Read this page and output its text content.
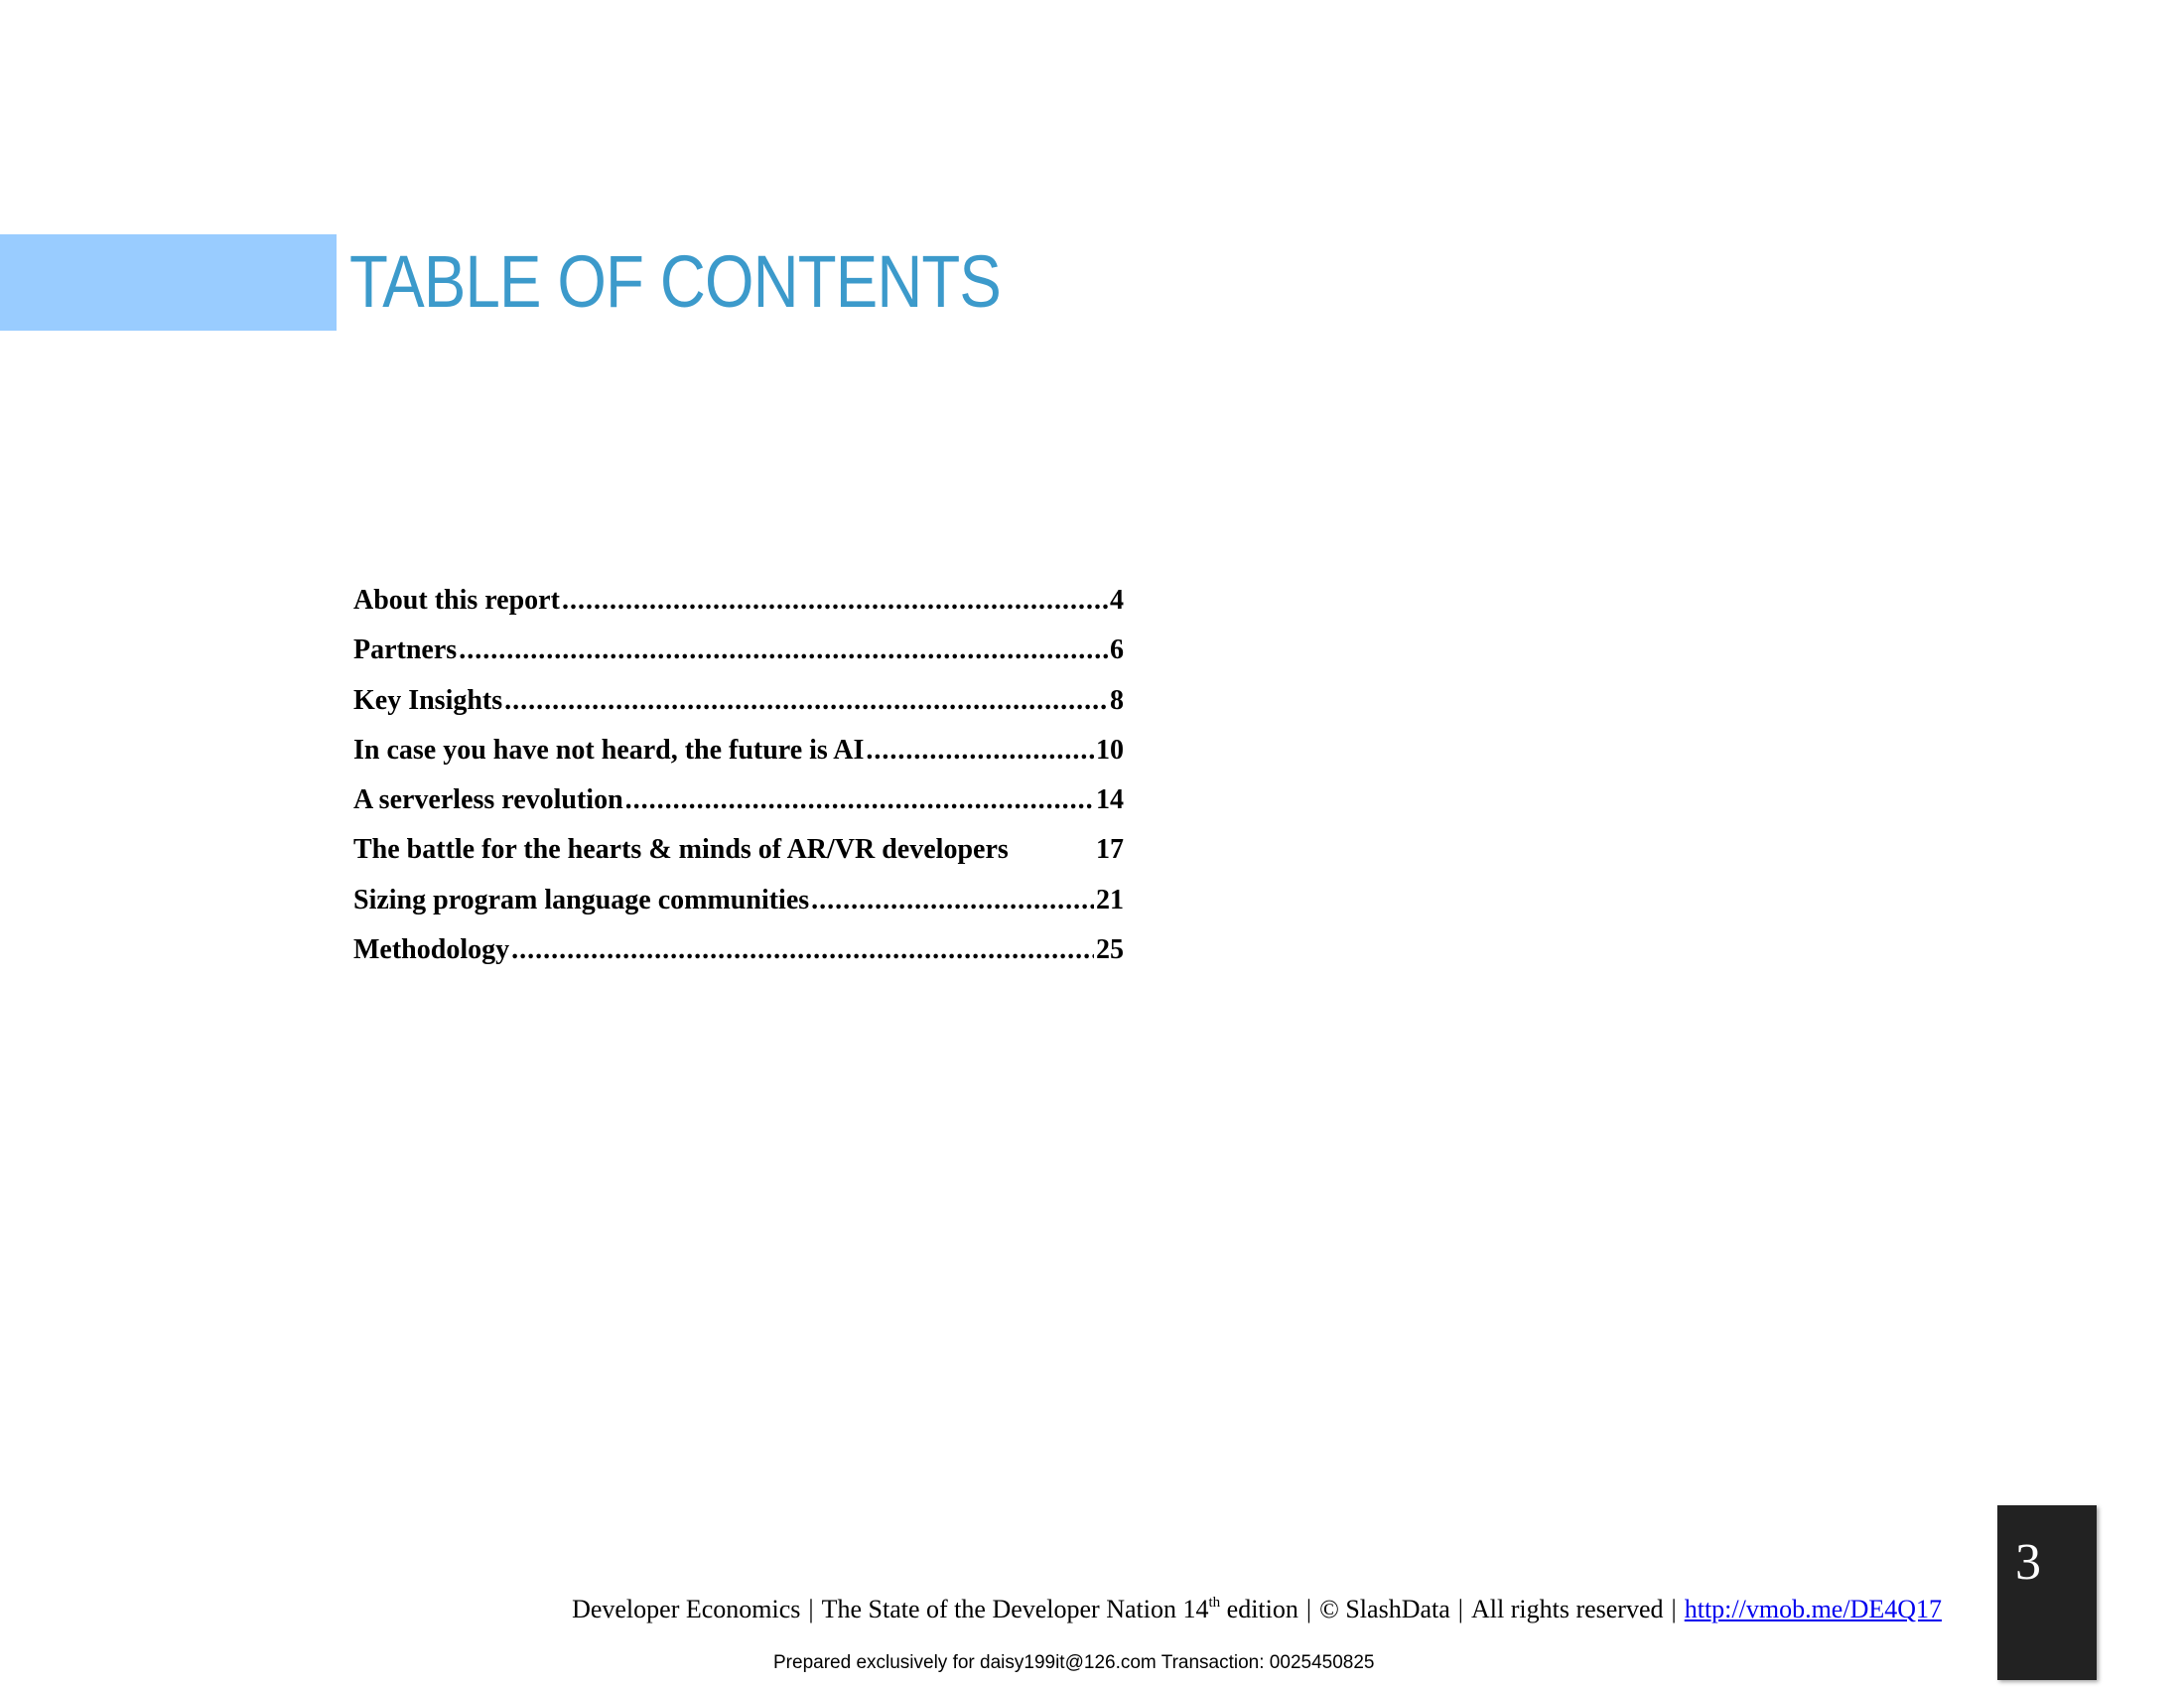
TABLE OF CONTENTS
About this report .....	4
Partners .....	6
Key Insights .....	8
In case you have not heard, the future is AI .....	10
A serverless revolution .....	14
The battle for the hearts & minds of AR/VR developers	17
Sizing program language communities .....	21
Methodology .....	25
Developer Economics | The State of the Developer Nation 14th edition | © SlashData | All rights reserved | http://vmob.me/DE4Q17
Prepared exclusively for daisy199it@126.com Transaction: 0025450825
3
